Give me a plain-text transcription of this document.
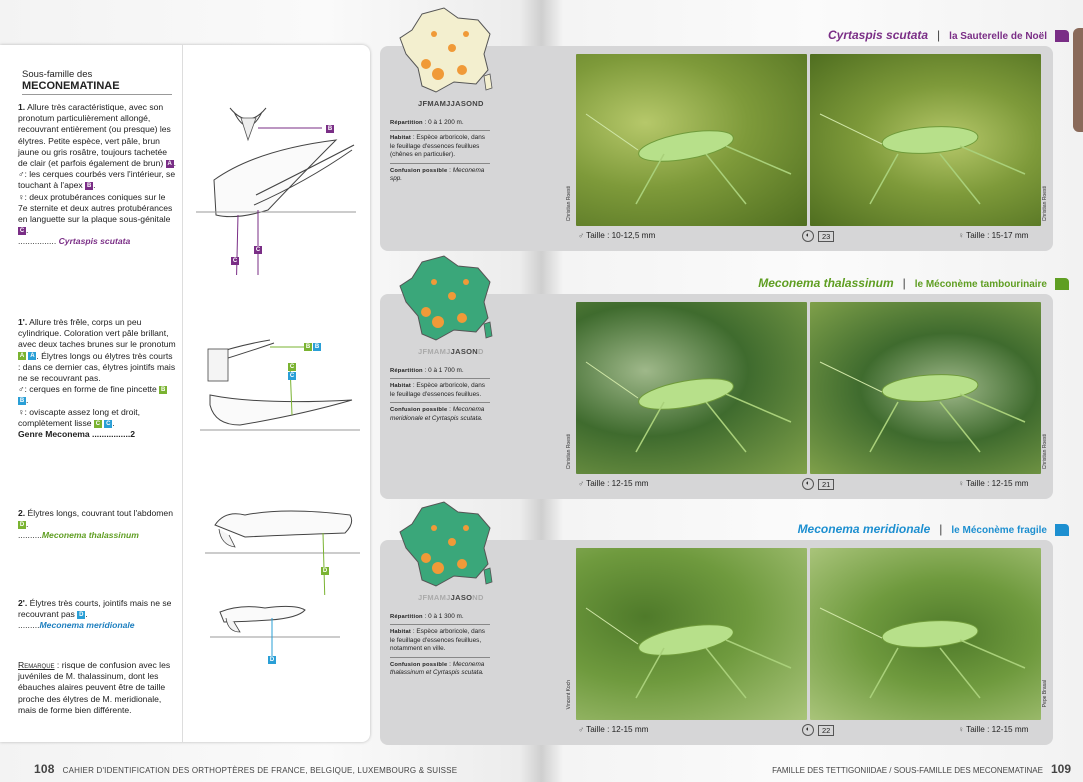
Sous-famille des MECONEMATINAE
1. Allure très caractéristique, avec son pronotum particulièrement allongé, recouvrant entièrement (ou presque) les élytres. Petite espèce, vert pâle, brun jaune ou gris rosâtre, toujours tachetée de clair (et parfois également de brun) A .
♂: les cerques courbés vers l'intérieur, se touchant à l'apex B .
♀: deux protubérances coniques sur le 7e sternite et deux autres protubérances en languette sur la plaque sous-génitale C .
................ Cyrtaspis scutata
1'. Allure très frêle, corps un peu cylindrique. Coloration vert pâle brillant, avec deux taches brunes sur le pronotum A A . Élytres longs ou élytres très courts : dans ce dernier cas, élytres jointifs mais ne se recouvrant pas.
♂: cerques en forme de fine pincette B B .
♀: oviscapte assez long et droit, complètement lisse C C .
Genre Meconema ................2
2. Élytres longs, couvrant tout l'abdomen D .
..........Meconema thalassinum
2'. Élytres très courts, jointifs mais ne se recouvrant pas D .
.........Meconema meridionale
Remarque : risque de confusion avec les juvéniles de M. thalassinum, dont les ébauches alaires peuvent être de taille proche des élytres de M. meridionale, mais de forme bien différente.
B
C
C
B B
C
C
D
D
108 CAHIER D'IDENTIFICATION DES ORTHOPTÈRES DE FRANCE, BELGIQUE, LUXEMBOURG & SUISSE
Cyrtaspis scutata | la Sauterelle de Noël
JFMAMJJASOND
Répartition : 0 à 1 200 m.
Habitat : Espèce arboricole, dans le feuillage d'essences feuillues (chênes en particulier).
Confusion possible : Meconema spp.
Christian Roesti	Christian Roesti
♂ Taille : 10-12,5 mm	◐ 23	♀ Taille : 15-17 mm
Meconema thalassinum | le Méconème tambourinaire
JFMAMJJASOND
Répartition : 0 à 1 700 m.
Habitat : Espèce arboricole, dans le feuillage d'essences feuillues.
Confusion possible : Meconema meridionale et Cyrtaspis scutata.
Christian Roesti	Christian Roesti
♂ Taille : 12-15 mm	◐ 21	♀ Taille : 12-15 mm
Meconema meridionale | le Méconème fragile
JFMAMJJASOND
Répartition : 0 à 1 300 m.
Habitat : Espèce arboricole, dans le feuillage d'essences feuillues, notamment en ville.
Confusion possible : Meconema thalassinum et Cyrtaspis scutata.
Vincent Koch	Pepe Brasal
♂ Taille : 12-15 mm	◐ 22	♀ Taille : 12-15 mm
FAMILLE DES TETTIGONIIDAE / SOUS-FAMILLE DES MECONEMATINAE 109
